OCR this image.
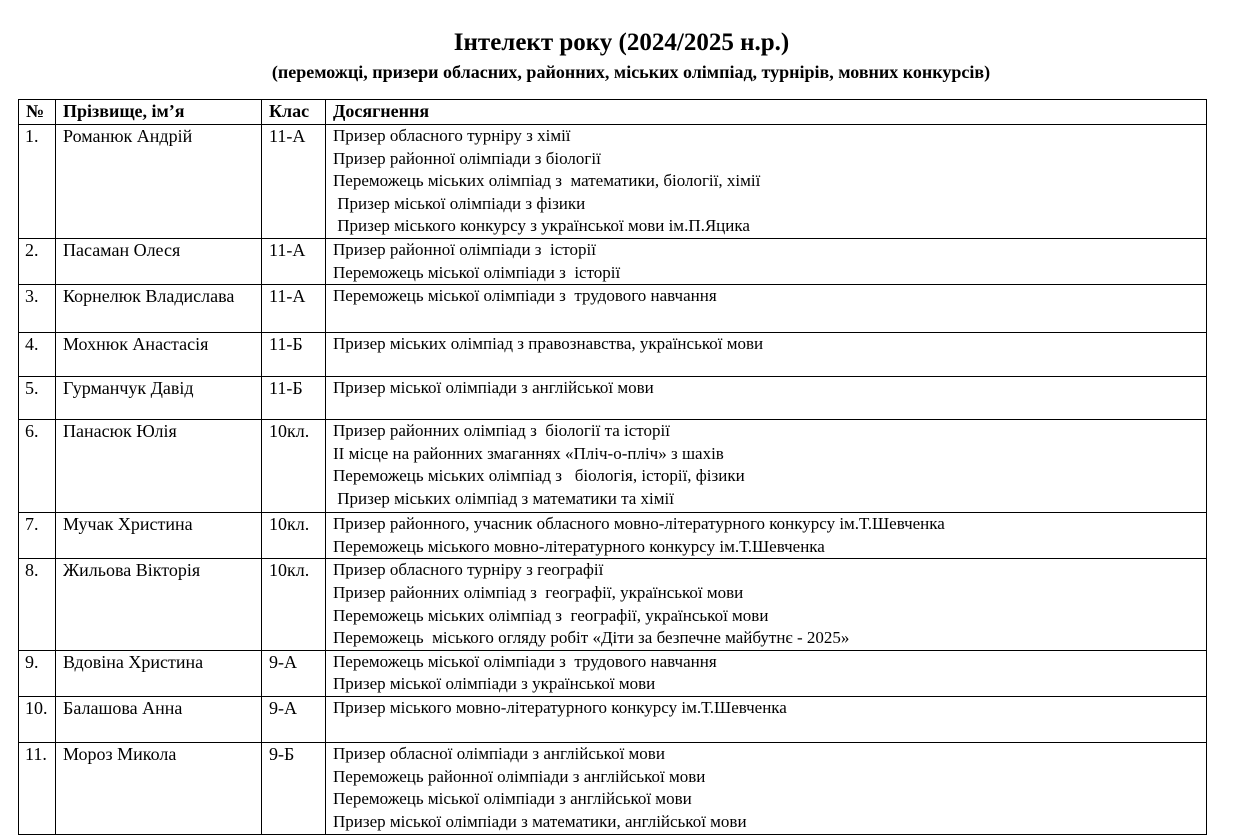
Інтелект року (2024/2025 н.р.)
(переможці, призери обласних, районних, міських олімпіад, турнірів, мовних конкурсів)
№	Прізвище, ім’я	Клас	Досягнення
1.	Романюк Андрій	11-А	Призер обласного турніру з хімії
Призер районної олімпіади з біології
Переможець міських олімпіад з  математики, біології, хімії
Призер міської олімпіади з фізики
Призер міського конкурсу з української мови ім.П.Яцика

2.	Пасаман Олеся	11-А	Призер районної олімпіади з  історії
Переможець міської олімпіади з  історії

3.	Корнелюк Владислава	11-А	Переможець міської олімпіади з  трудового навчання

4.	Мохнюк Анастасія	11-Б	Призер міських олімпіад з правознавства, української мови

5.	Гурманчук Давід	11-Б	Призер міської олімпіади з англійської мови

6.	Панасюк Юлія	10кл.	Призер районних олімпіад з  біології та історії
ІІ місце на районних змаганнях «Пліч-о-пліч» з шахів
Переможець міських олімпіад з   біологія, історії, фізики
Призер міських олімпіад з математики та хімії

7.	Мучак Христина	10кл.	Призер районного, учасник обласного мовно-літературного конкурсу ім.Т.Шевченка
Переможець міського мовно-літературного конкурсу ім.Т.Шевченка

8.	Жильова Вікторія	10кл.	Призер обласного турніру з географії
Призер районних олімпіад з  географії, української мови
Переможець міських олімпіад з  географії, української мови
Переможець  міського огляду робіт «Діти за безпечне майбутнє - 2025»

9.	Вдовіна Христина	9-А	Переможець міської олімпіади з  трудового навчання
Призер міської олімпіади з української мови

10.	Балашова Анна	9-А	Призер міського мовно-літературного конкурсу ім.Т.Шевченка

11.	Мороз Микола	9-Б	Призер обласної олімпіади з англійської мови
Переможець районної олімпіади з англійської мови
Переможець міської олімпіади з англійської мови
Призер міської олімпіади з математики, англійської мови
